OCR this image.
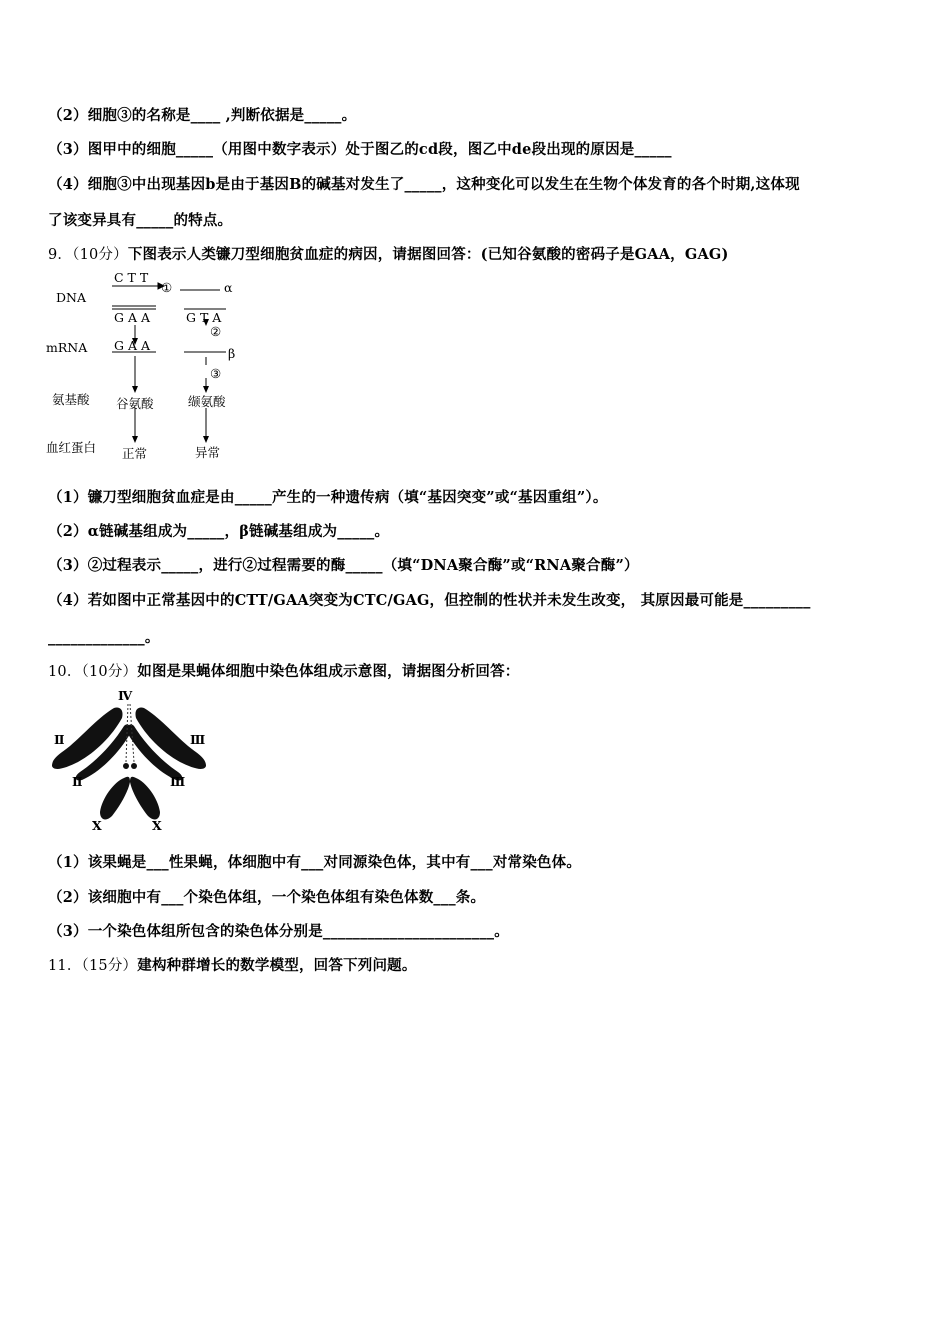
（2）细胞③的名称是____ ,判断依据是_____。
（3）图甲中的细胞_____（用图中数字表示）处于图乙的cd段，图乙中de段出现的原因是_____
（4）细胞③中出现基因b是由于基因B的碱基对发生了_____，这种变化可以发生在生物个体发育的各个时期,这体现
了该变异具有_____的特点。
9．（10分）下图表示人类镰刀型细胞贫血症的病因，请据图回答：(已知谷氨酸的密码子是GAA，GAG)
DNA
mRNA
氨基酸
血红蛋白
C T T
①	α
G A A	G T A
②
G A A
β
③
谷氨酸	缬氨酸
正常	异常
（1）镰刀型细胞贫血症是由_____产生的一种遗传病（填“基因突变”或“基因重组”）。
（2）α链碱基组成为_____，β链碱基组成为_____。
（3）②过程表示_____，进行②过程需要的酶_____（填“DNA聚合酶”或“RNA聚合酶”）
（4）若如图中正常基因中的CTT/GAA突变为CTC/GAG，但控制的性状并未发生改变， 其原因最可能是_________
_____________。
10．（10分）如图是果蝇体细胞中染色体组成示意图，请据图分析回答：
Ⅳ
Ⅱ
Ⅱ
Ⅲ
Ⅲ
X	X
（1）该果蝇是___性果蝇，体细胞中有___对同源染色体，其中有___对常染色体。
（2）该细胞中有___个染色体组，一个染色体组有染色体数___条。
（3）一个染色体组所包含的染色体分别是_______________________。
11．（15分）建构种群增长的数学模型，回答下列问题。
